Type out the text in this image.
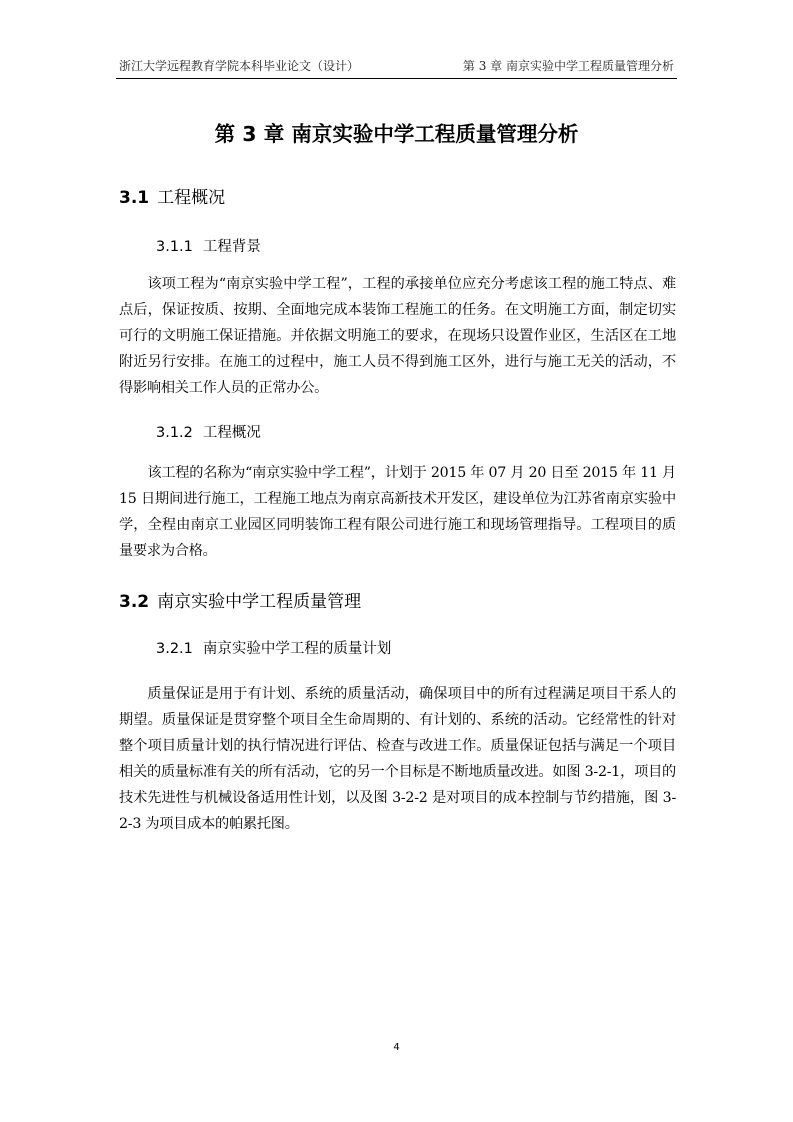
浙江大学远程教育学院本科毕业论文（设计）	第 3 章 南京实验中学工程质量管理分析
第 3 章 南京实验中学工程质量管理分析
3.1 工程概况
3.1.1 工程背景

该项工程为“南京实验中学工程”，工程的承接单位应充分考虑该工程的施工特点、难点后，保证按质、按期、全面地完成本装饰工程施工的任务。在文明施工方面，制定切实可行的文明施工保证措施。并依据文明施工的要求，在现场只设置作业区，生活区在工地附近另行安排。在施工的过程中，施工人员不得到施工区外，进行与施工无关的活动，不得影响相关工作人员的正常办公。

3.1.2 工程概况

该工程的名称为“南京实验中学工程”，计划于 2015 年 07 月 20 日至 2015 年 11 月 15 日期间进行施工，工程施工地点为南京高新技术开发区，建设单位为江苏省南京实验中学，全程由南京工业园区同明装饰工程有限公司进行施工和现场管理指导。工程项目的质量要求为合格。

3.2 南京实验中学工程质量管理
3.2.1 南京实验中学工程的质量计划

质量保证是用于有计划、系统的质量活动，确保项目中的所有过程满足项目干系人的期望。质量保证是贯穿整个项目全生命周期的、有计划的、系统的活动。它经常性的针对整个项目质量计划的执行情况进行评估、检查与改进工作。质量保证包括与满足一个项目相关的质量标准有关的所有活动，它的另一个目标是不断地质量改进。如图 3-2-1，项目的技术先进性与机械设备适用性计划，以及图 3-2-2 是对项目的成本控制与节约措施，图 3-2-3 为项目成本的帕累托图。

4
